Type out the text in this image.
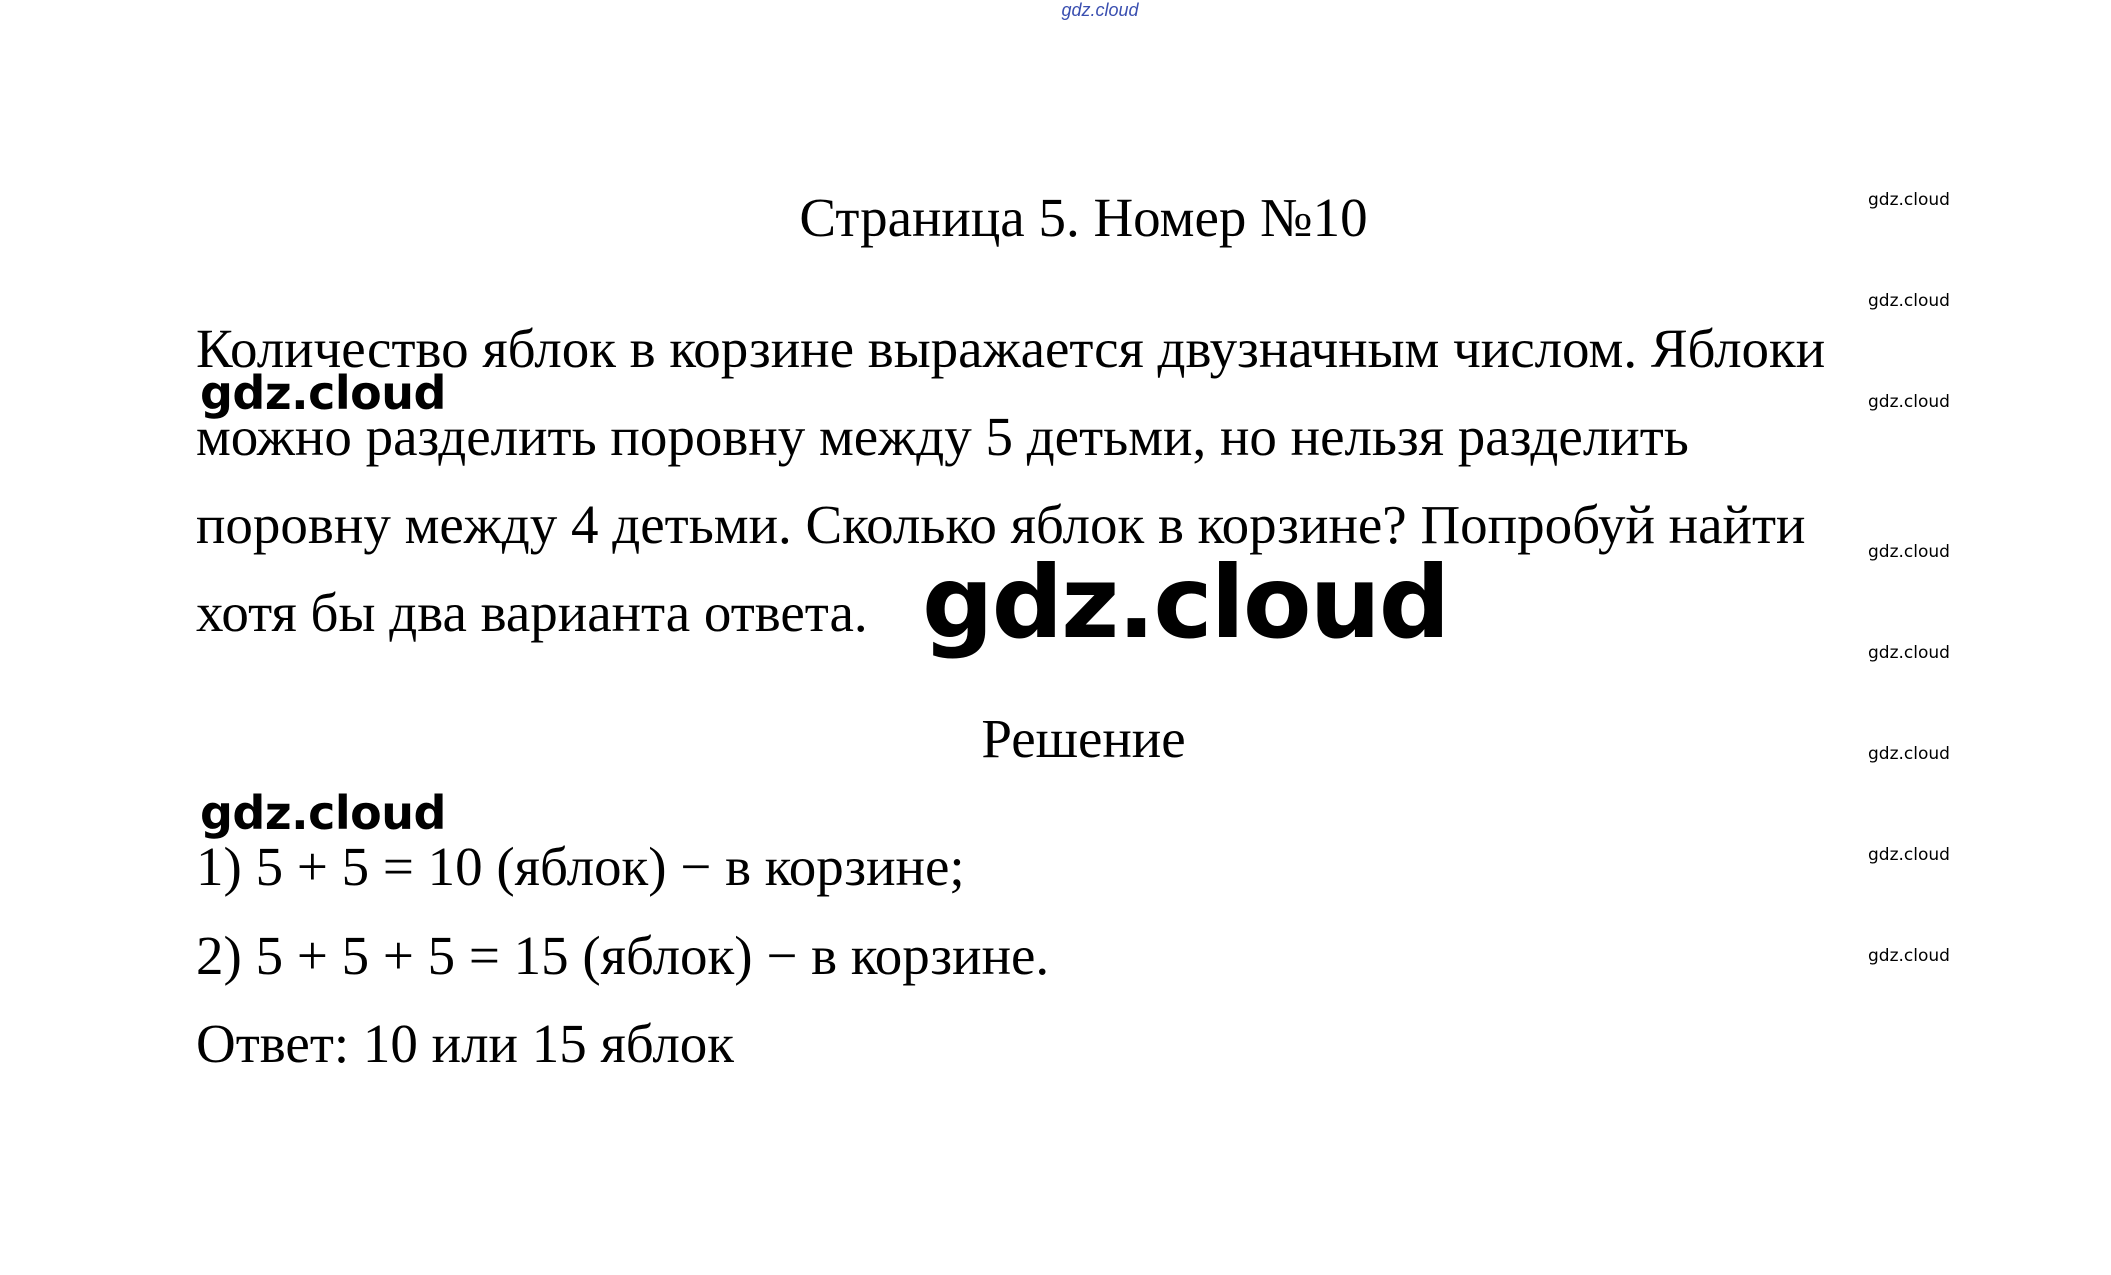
gdz.cloud
Страница 5. Номер №10
Количество яблок в корзине выражается двузначным числом. Яблоки
можно разделить поровну между 5 детьми, но нельзя разделить
поровну между 4 детьми. Сколько яблок в корзине? Попробуй найти
хотя бы два варианта ответа.
Решение
1) 5 + 5 = 10 (яблок) − в корзине;
2) 5 + 5 + 5 = 15 (яблок) − в корзине.
Ответ: 10 или 15 яблок
gdz.cloud
gdz.cloud
gdz.cloud
gdz.cloud
gdz.cloud
gdz.cloud
gdz.cloud
gdz.cloud
gdz.cloud
gdz.cloud
gdz.cloud
